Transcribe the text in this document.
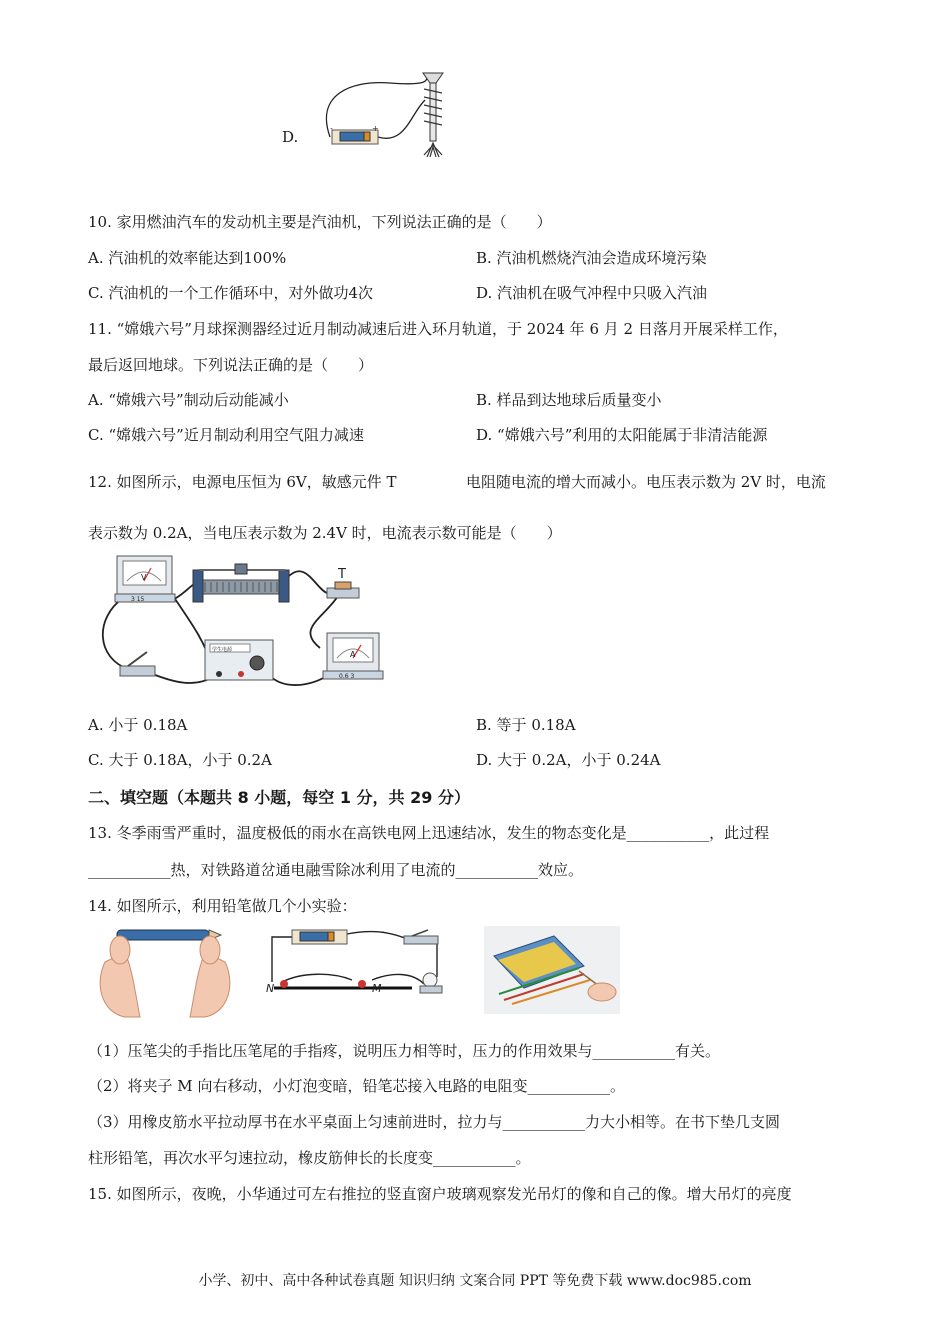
D.	-	+
10. 家用燃油汽车的发动机主要是汽油机，下列说法正确的是（　　）
A. 汽油机的效率能达到100%	B. 汽油机燃烧汽油会造成环境污染
C. 汽油机的一个工作循环中，对外做功4次	D. 汽油机在吸气冲程中只吸入汽油
11. “嫦娥六号”月球探测器经过近月制动减速后进入环月轨道，于 2024 年 6 月 2 日落月开展采样工作，
最后返回地球。下列说法正确的是（　　）
A. “嫦娥六号”制动后动能减小	B. 样品到达地球后质量变小
C. “嫦娥六号”近月制动利用空气阻力减速	D. “嫦娥六号”利用的太阳能属于非清洁能源
12. 如图所示，电源电压恒为 6V，敏感元件 T	电阻随电流的增大而减小。电压表示数为 2V 时，电流
表示数为 0.2A，当电压表示数为 2.4V 时，电流表示数可能是（　　）
V
3 15
T
学生电源	A
0.6 3
A. 小于 0.18A	B. 等于 0.18A
C. 大于 0.18A，小于 0.2A	D. 大于 0.2A，小于 0.24A
二、填空题（本题共 8 小题，每空 1 分，共 29 分）
13. 冬季雨雪严重时，温度极低的雨水在高铁电网上迅速结冰，发生的物态变化是___________，此过程
___________热，对铁路道岔通电融雪除冰利用了电流的___________效应。
14. 如图所示，利用铅笔做几个小实验：
N	M
（1）压笔尖的手指比压笔尾的手指疼，说明压力相等时，压力的作用效果与___________有关。
（2）将夹子 M 向右移动，小灯泡变暗，铅笔芯接入电路的电阻变___________。
（3）用橡皮筋水平拉动厚书在水平桌面上匀速前进时，拉力与___________力大小相等。在书下垫几支圆
柱形铅笔，再次水平匀速拉动，橡皮筋伸长的长度变___________。
15. 如图所示，夜晚，小华通过可左右推拉的竖直窗户玻璃观察发光吊灯的像和自己的像。增大吊灯的亮度
小学、初中、高中各种试卷真题 知识归纳 文案合同 PPT 等免费下载 www.doc985.com
